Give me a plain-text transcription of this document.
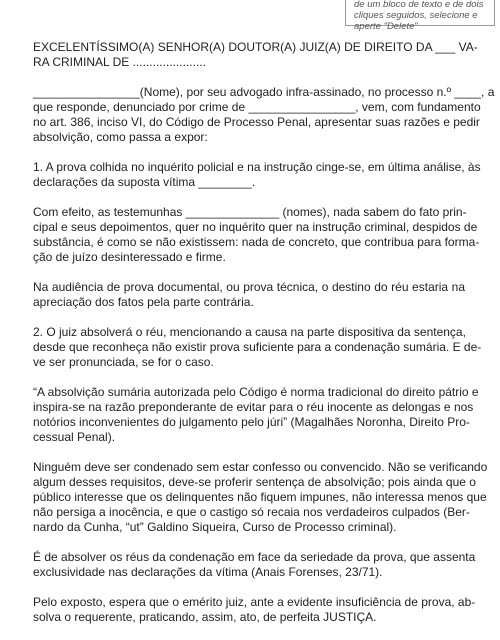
de um bloco de texto e de dois
cliques seguidos, selecione e
aperte "Delete"
EXCELENTÍSSIMO(A) SENHOR(A) DOUTOR(A) JUIZ(A) DE DIREITO DA ___ VA-
RA CRIMINAL DE ......................
________________(Nome), por seu advogado infra-assinado, no processo n.º ____, a
que responde, denunciado por crime de ________________, vem, com fundamento
no art. 386, inciso VI, do Código de Processo Penal, apresentar suas razões e pedir
absolvição, como passa a expor:
1. A prova colhida no inquérito policial e na instrução cinge-se, em última análise, às
declarações da suposta vítima ________.
Com efeito, as testemunhas ______________ (nomes), nada sabem do fato prin-
cipal e seus depoimentos, quer no inquérito quer na instrução criminal, despidos de
substância, é como se não existissem: nada de concreto, que contribua para forma-
ção de juízo desinteressado e firme.
Na audiência de prova documental, ou prova técnica, o destino do réu estaria na
apreciação dos fatos pela parte contrária.
2. O juiz absolverá o réu, mencionando a causa na parte dispositiva da sentença,
desde que reconheça não existir prova suficiente para a condenação sumária. E de-
ve ser pronunciada, se for o caso.
“A absolvição sumária autorizada pelo Código é norma tradicional do direito pátrio e
inspira-se na razão preponderante de evitar para o réu inocente as delongas e nos
notórios inconvenientes do julgamento pelo júri” (Magalhães Noronha, Direito Pro-
cessual Penal).
Ninguém deve ser condenado sem estar confesso ou convencido. Não se verificando
algum desses requisitos, deve-se proferir sentença de absolvição; pois ainda que o
público interesse que os delinquentes não fiquem impunes, não interessa menos que
não persiga a inocência, e que o castigo só recaia nos verdadeiros culpados (Ber-
nardo da Cunha, “ut” Galdino Siqueira, Curso de Processo criminal).
É de absolver os réus da condenação em face da seriedade da prova, que assenta
exclusividade nas declarações da vítima (Anais Forenses, 23/71).
Pelo exposto, espera que o emérito juiz, ante a evidente insuficiência de prova, ab-
solva o requerente, praticando, assim, ato, de perfeita JUSTIÇA.
